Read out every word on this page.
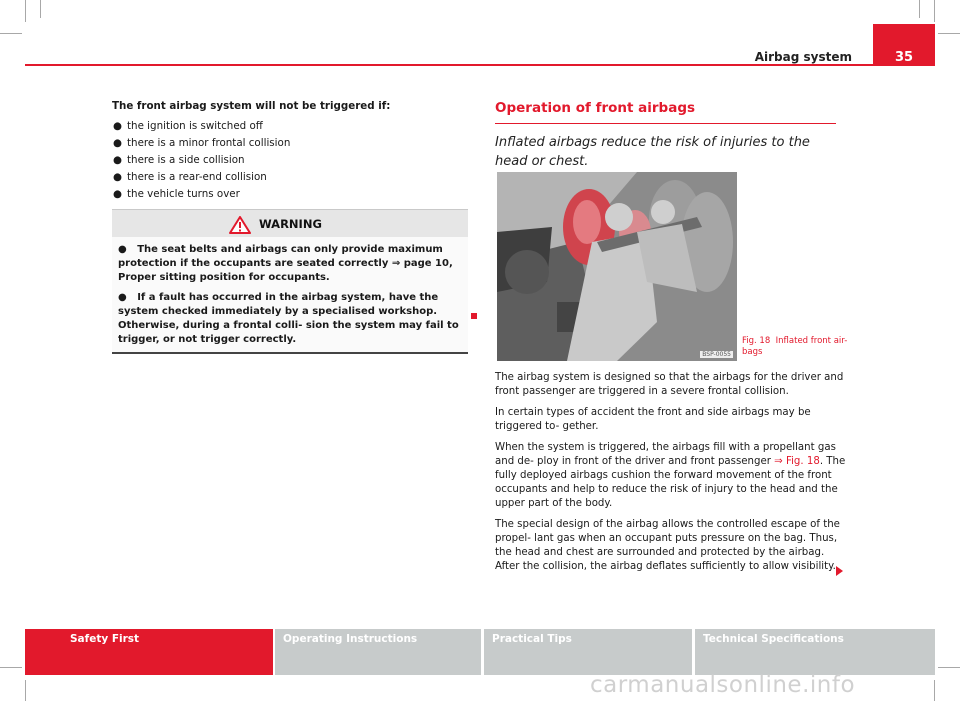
Airbag system	35
The front airbag system will not be triggered if:
● the ignition is switched off
● there is a minor frontal collision
● there is a side collision
● there is a rear-end collision
● the vehicle turns over
WARNING

● The seat belts and airbags can only provide maximum protection if the occupants are seated correctly ⇒ page 10, Proper sitting position for occupants.

● If a fault has occurred in the airbag system, have the system checked immediately by a specialised workshop. Otherwise, during a frontal colli- sion the system may fail to trigger, or not trigger correctly.

Operation of front airbags
Inflated airbags reduce the risk of injuries to the head or chest.
BSP-0055
Fig. 18 Inflated front air- bags

The airbag system is designed so that the airbags for the driver and front passenger are triggered in a severe frontal collision.

In certain types of accident the front and side airbags may be triggered to- gether.

When the system is triggered, the airbags fill with a propellant gas and de- ploy in front of the driver and front passenger ⇒ Fig. 18. The fully deployed airbags cushion the forward movement of the front occupants and help to reduce the risk of injury to the head and the upper part of the body.

The special design of the airbag allows the controlled escape of the propel- lant gas when an occupant puts pressure on the bag. Thus, the head and chest are surrounded and protected by the airbag. After the collision, the airbag deflates sufficiently to allow visibility.

Safety First	Operating Instructions	Practical Tips	Technical Specifications
carmanualsonline.info
